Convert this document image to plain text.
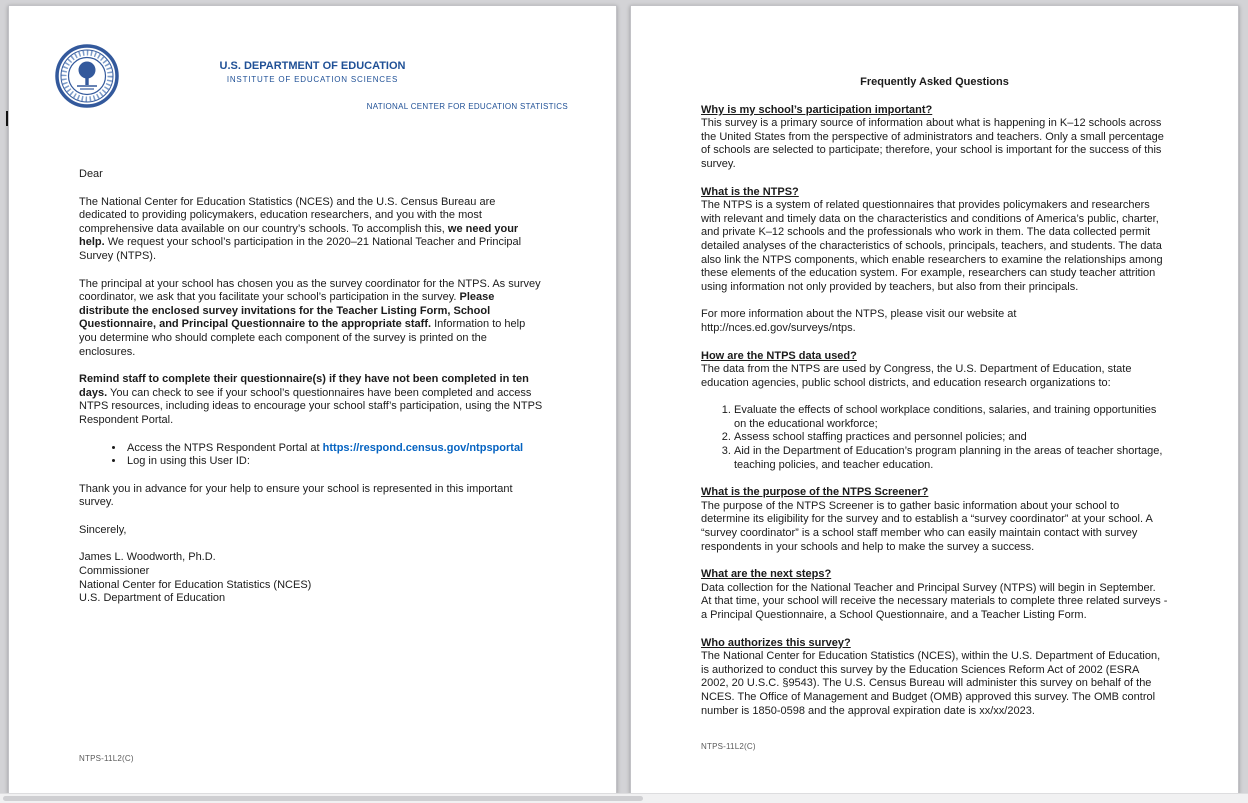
U.S. DEPARTMENT OF EDUCATION
INSTITUTE OF EDUCATION SCIENCES
NATIONAL CENTER FOR EDUCATION STATISTICS

Dear

The National Center for Education Statistics (NCES) and the U.S. Census Bureau are dedicated to providing policymakers, education researchers, and you with the most comprehensive data available on our country’s schools. To accomplish this, we need your help. We request your school’s participation in the 2020–21 National Teacher and Principal Survey (NTPS).

The principal at your school has chosen you as the survey coordinator for the NTPS. As survey coordinator, we ask that you facilitate your school’s participation in the survey. Please distribute the enclosed survey invitations for the Teacher Listing Form, School Questionnaire, and Principal Questionnaire to the appropriate staff. Information to help you determine who should complete each component of the survey is printed on the enclosures.

Remind staff to complete their questionnaire(s) if they have not been completed in ten days. You can check to see if your school’s questionnaires have been completed and access NTPS resources, including ideas to encourage your school staff’s participation, using the NTPS Respondent Portal.

• Access the NTPS Respondent Portal at https://respond.census.gov/ntpsportal
• Log in using this User ID:

Thank you in advance for your help to ensure your school is represented in this important survey.

Sincerely,

James L. Woodworth, Ph.D.

Commissioner

National Center for Education Statistics (NCES)

U.S. Department of Education

NTPS-11L2(C)

Frequently Asked Questions

Why is my school’s participation important?

This survey is a primary source of information about what is happening in K–12 schools across the United States from the perspective of administrators and teachers. Only a small percentage of schools are selected to participate; therefore, your school is important for the success of this survey.

What is the NTPS?

The NTPS is a system of related questionnaires that provides policymakers and researchers with relevant and timely data on the characteristics and conditions of America’s public, charter, and private K–12 schools and the professionals who work in them. The data collected permit detailed analyses of the characteristics of schools, principals, teachers, and students. The data also link the NTPS components, which enable researchers to examine the relationships among these elements of the education system. For example, researchers can study teacher attrition using information not only provided by teachers, but also from their principals.

For more information about the NTPS, please visit our website at http://nces.ed.gov/surveys/ntps.

How are the NTPS data used?

The data from the NTPS are used by Congress, the U.S. Department of Education, state education agencies, public school districts, and education research organizations to:

1. Evaluate the effects of school workplace conditions, salaries, and training opportunities on the educational workforce;
2. Assess school staffing practices and personnel policies; and
3. Aid in the Department of Education’s program planning in the areas of teacher shortage, teaching policies, and teacher education.

What is the purpose of the NTPS Screener?

The purpose of the NTPS Screener is to gather basic information about your school to determine its eligibility for the survey and to establish a “survey coordinator” at your school. A “survey coordinator” is a school staff member who can easily maintain contact with survey respondents in your schools and help to make the survey a success.

What are the next steps?

Data collection for the National Teacher and Principal Survey (NTPS) will begin in September. At that time, your school will receive the necessary materials to complete three related surveys - a Principal Questionnaire, a School Questionnaire, and a Teacher Listing Form.

Who authorizes this survey?

The National Center for Education Statistics (NCES), within the U.S. Department of Education, is authorized to conduct this survey by the Education Sciences Reform Act of 2002 (ESRA 2002, 20 U.S.C. §9543). The U.S. Census Bureau will administer this survey on behalf of the NCES. The Office of Management and Budget (OMB) approved this survey. The OMB control number is 1850-0598 and the approval expiration date is xx/xx/2023.

NTPS-11L2(C)
